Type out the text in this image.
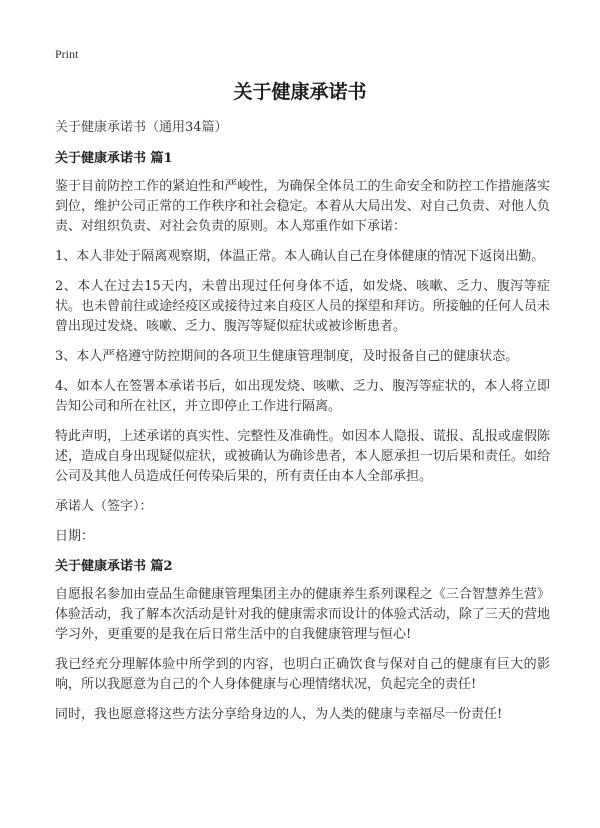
Print
关于健康承诺书
关于健康承诺书（通用34篇）
关于健康承诺书 篇1

鉴于目前防控工作的紧迫性和严峻性，为确保全体员工的生命安全和防控工作措施落实到位，维护公司正常的工作秩序和社会稳定。本着从大局出发、对自己负责、对他人负责、对组织负责、对社会负责的原则。本人郑重作如下承诺：

1、本人非处于隔离观察期，体温正常。本人确认自己在身体健康的情况下返岗出勤。

2、本人在过去15天内，未曾出现过任何身体不适，如发烧、咳嗽、乏力、腹泻等症状。也未曾前往或途经疫区或接待过来自疫区人员的探望和拜访。所接触的任何人员未曾出现过发烧、咳嗽、乏力、腹泻等疑似症状或被诊断患者。

3、本人严格遵守防控期间的各项卫生健康管理制度，及时报备自己的健康状态。

4、如本人在签署本承诺书后，如出现发烧、咳嗽、乏力、腹泻等症状的，本人将立即告知公司和所在社区，并立即停止工作进行隔离。

特此声明，上述承诺的真实性、完整性及准确性。如因本人隐报、谎报、乱报或虚假陈述，造成自身出现疑似症状，或被确认为确诊患者，本人愿承担一切后果和责任。如给公司及其他人员造成任何传染后果的，所有责任由本人全部承担。

承诺人（签字）：

日期：

关于健康承诺书 篇2

自愿报名参加由壹品生命健康管理集团主办的健康养生系列课程之《三合智慧养生营》体验活动，我了解本次活动是针对我的健康需求而设计的体验式活动，除了三天的营地学习外，更重要的是我在后日常生活中的自我健康管理与恒心!

我已经充分理解体验中所学到的内容，也明白正确饮食与保对自己的健康有巨大的影响，所以我愿意为自己的个人身体健康与心理情绪状况，负起完全的责任!

同时，我也愿意将这些方法分享给身边的人，为人类的健康与幸福尽一份责任!
